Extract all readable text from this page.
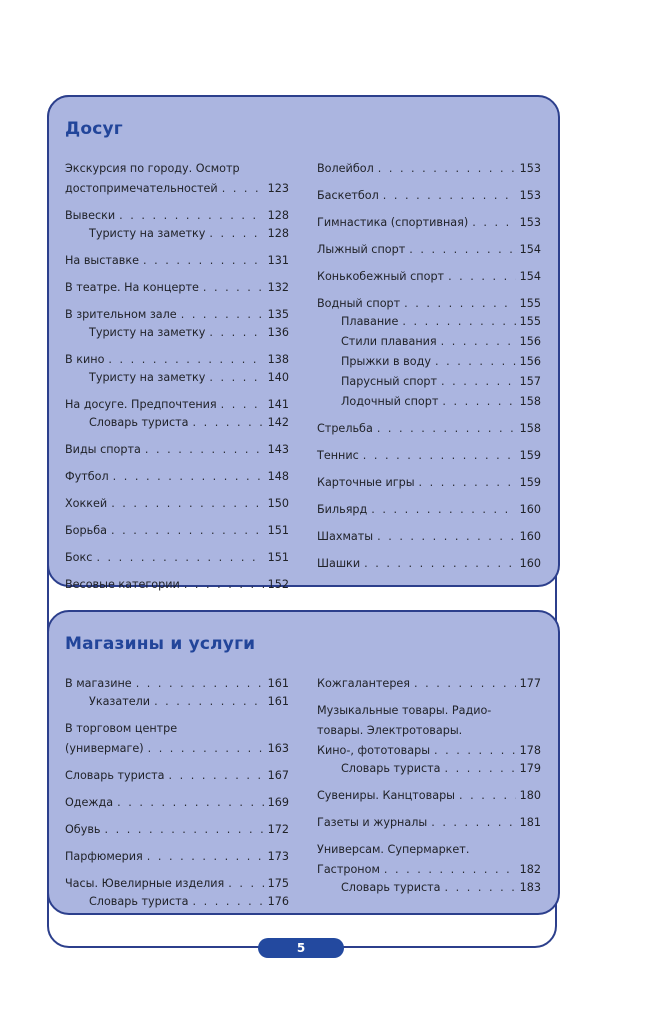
Досуг
Экскурсия по городу. Осмотр
достопримечательностей . . .	123
Вывески . . .	128
Туристу на заметку . . .	128
На выставке . . .	131
В театре. На концерте . . .	132
В зрительном зале . . .	135
Туристу на заметку . . .	136
В кино . . .	138
Туристу на заметку . . .	140
На досуге. Предпочтения . . .	141
Словарь туриста . . .	142
Виды спорта . . .	143
Футбол . . .	148
Хоккей . . .	150
Борьба . . .	151
Бокс . . .	151
Весовые категории . . .	152
Волейбол . . .	153
Баскетбол . . .	153
Гимнастика (спортивная) . . .	153
Лыжный спорт . . .	154
Конькобежный спорт . . .	154
Водный спорт . . .	155
Плавание . . .	155
Стили плавания . . .	156
Прыжки в воду . . .	156
Парусный спорт . . .	157
Лодочный спорт . . .	158
Стрельба . . .	158
Теннис . . .	159
Карточные игры . . .	159
Бильярд . . .	160
Шахматы . . .	160
Шашки . . .	160
Магазины и услуги
В магазине . . .	161
Указатели . . .	161
В торговом центре
(универмаге) . . .	163
Словарь туриста . . .	167
Одежда . . .	169
Обувь . . .	172
Парфюмерия . . .	173
Часы. Ювелирные изделия . . .	175
Словарь туриста . . .	176
Кожгалантерея . . .	177
Музыкальные товары. Радио-
товары. Электротовары.
Кино-, фототовары . . .	178
Словарь туриста . . .	179
Сувениры. Канцтовары . . .	180
Газеты и журналы . . .	181
Универсам. Супермаркет.
Гастроном . . .	182
Словарь туриста . . .	183
5
